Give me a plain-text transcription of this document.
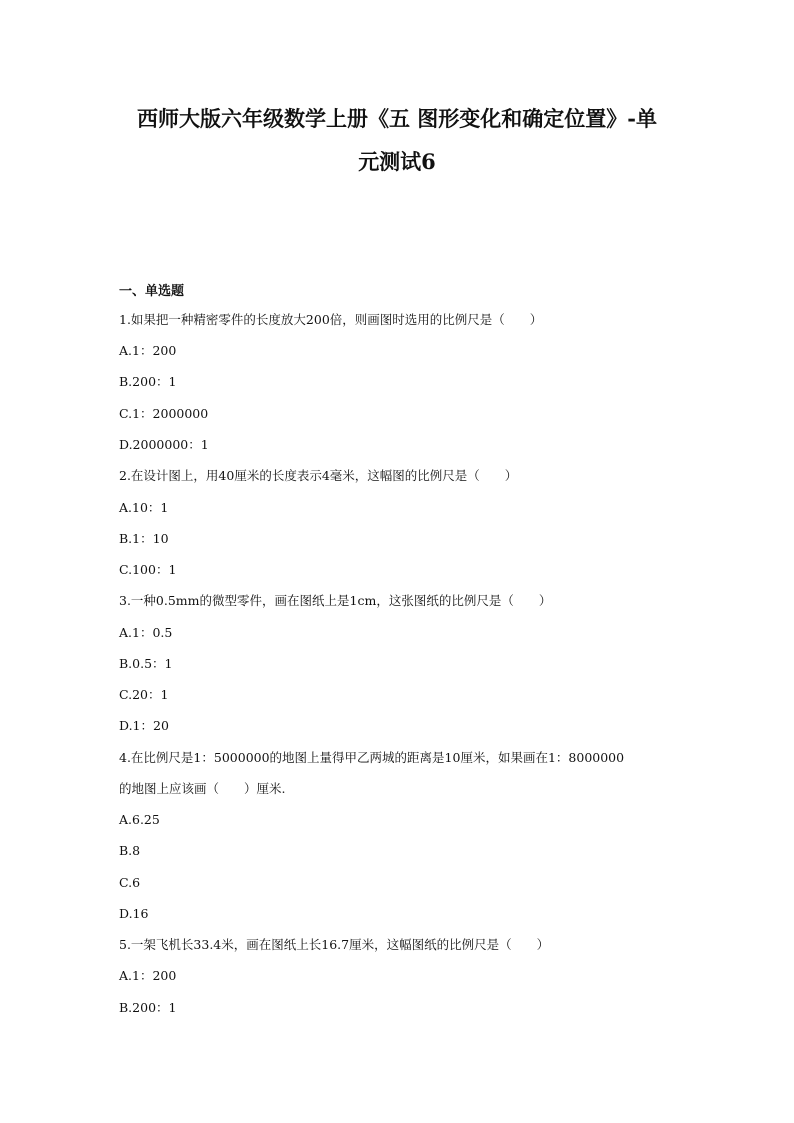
西师大版六年级数学上册《五 图形变化和确定位置》-单
元测试6
一、单选题
1.如果把一种精密零件的长度放大200倍，则画图时选用的比例尺是（　　）
A.1：200
B.200：1
C.1：2000000
D.2000000：1
2.在设计图上，用40厘米的长度表示4毫米，这幅图的比例尺是（　　）
A.10：1
B.1：10
C.100：1
3.一种0.5mm的微型零件，画在图纸上是1cm，这张图纸的比例尺是（　　）
A.1：0.5
B.0.5：1
C.20：1
D.1：20
4.在比例尺是1：5000000的地图上量得甲乙两城的距离是10厘米，如果画在1：8000000
的地图上应该画（　　）厘米.
A.6.25
B.8
C.6
D.16
5.一架飞机长33.4米，画在图纸上长16.7厘米，这幅图纸的比例尺是（　　）
A.1：200
B.200：1
